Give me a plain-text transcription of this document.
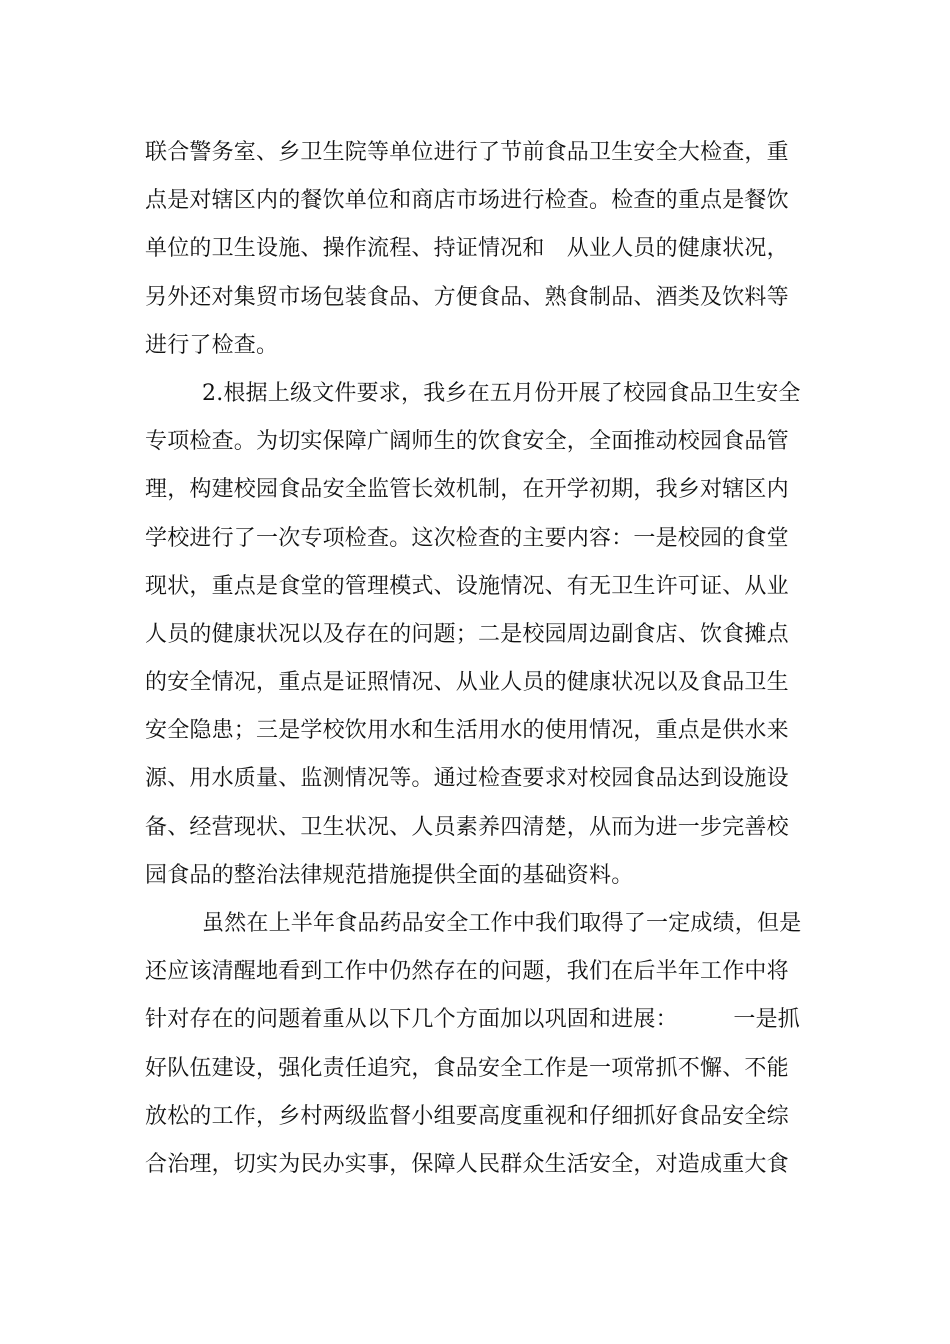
联合警务室、乡卫生院等单位进行了节前食品卫生安全大检查，重
点是对辖区内的餐饮单位和商店市场进行检查。检查的重点是餐饮
单位的卫生设施、操作流程、持证情况和　从业人员的健康状况，
另外还对集贸市场包装食品、方便食品、熟食制品、酒类及饮料等
进行了检查。
2.根据上级文件要求，我乡在五月份开展了校园食品卫生安全
专项检查。为切实保障广阔师生的饮食安全，全面推动校园食品管
理，构建校园食品安全监管长效机制，在开学初期，我乡对辖区内
学校进行了一次专项检查。这次检查的主要内容：一是校园的食堂
现状，重点是食堂的管理模式、设施情况、有无卫生许可证、从业
人员的健康状况以及存在的问题；二是校园周边副食店、饮食摊点
的安全情况，重点是证照情况、从业人员的健康状况以及食品卫生
安全隐患；三是学校饮用水和生活用水的使用情况，重点是供水来
源、用水质量、监测情况等。通过检查要求对校园食品达到设施设
备、经营现状、卫生状况、人员素养四清楚，从而为进一步完善校
园食品的整治法律规范措施提供全面的基础资料。
虽然在上半年食品药品安全工作中我们取得了一定成绩，但是
还应该清醒地看到工作中仍然存在的问题，我们在后半年工作中将
针对存在的问题着重从以下几个方面加以巩固和进展：　　　一是抓
好队伍建设，强化责任追究，食品安全工作是一项常抓不懈、不能
放松的工作，乡村两级监督小组要高度重视和仔细抓好食品安全综
合治理，切实为民办实事，保障人民群众生活安全，对造成重大食
